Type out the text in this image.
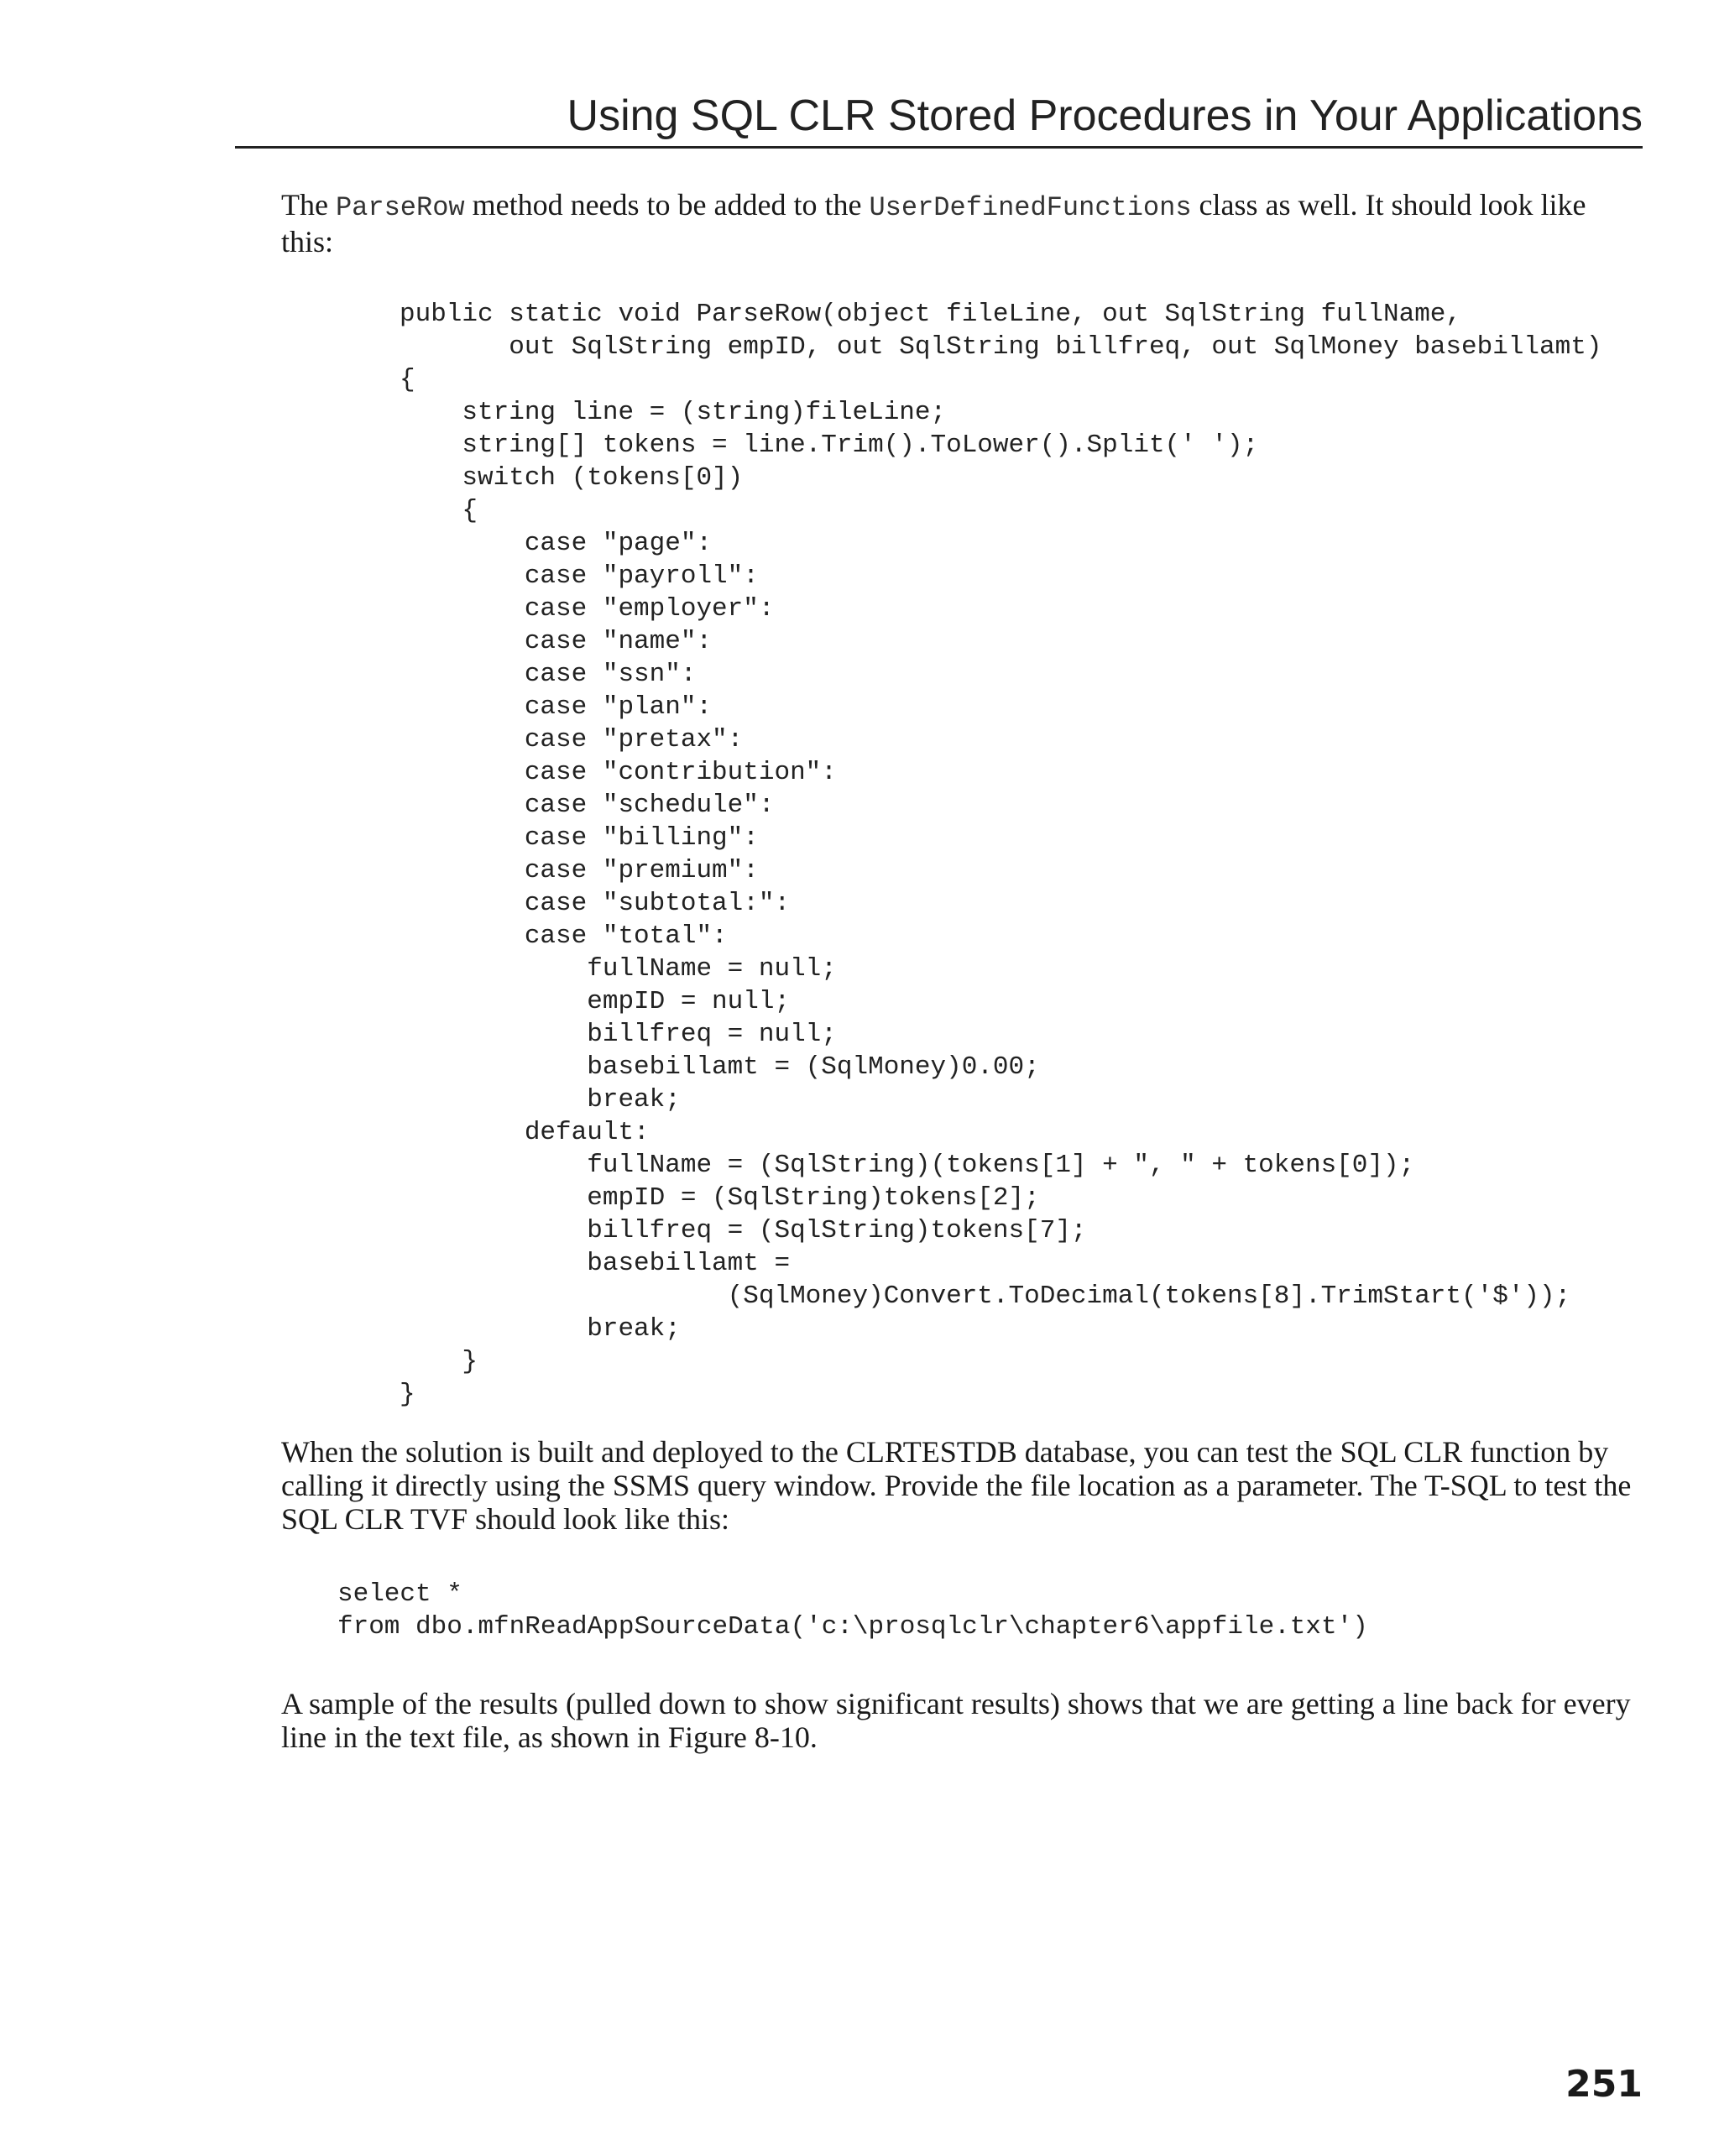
Using SQL CLR Stored Procedures in Your Applications

The ParseRow method needs to be added to the UserDefinedFunctions class as well. It should look like this:

public static void ParseRow(object fileLine, out SqlString fullName,
out SqlString empID, out SqlString billfreq, out SqlMoney basebillamt)
{
string line = (string)fileLine;
string[] tokens = line.Trim().ToLower().Split(' ');
switch (tokens[0])
{
case "page":
case "payroll":
case "employer":
case "name":
case "ssn":
case "plan":
case "pretax":
case "contribution":
case "schedule":
case "billing":
case "premium":
case "subtotal:":
case "total":
fullName = null;
empID = null;
billfreq = null;
basebillamt = (SqlMoney)0.00;
break;
default:
fullName = (SqlString)(tokens[1] + ", " + tokens[0]);
empID = (SqlString)tokens[2];
billfreq = (SqlString)tokens[7];
basebillamt =
(SqlMoney)Convert.ToDecimal(tokens[8].TrimStart('$'));
break;
}
}

When the solution is built and deployed to the CLRTESTDB database, you can test the SQL CLR function by calling it directly using the SSMS query window. Provide the file location as a parameter. The T-SQL to test the SQL CLR TVF should look like this:

select *
from dbo.mfnReadAppSourceData('c:\prosqlclr\chapter6\appfile.txt')

A sample of the results (pulled down to show significant results) shows that we are getting a line back for every line in the text file, as shown in Figure 8-10.

251
